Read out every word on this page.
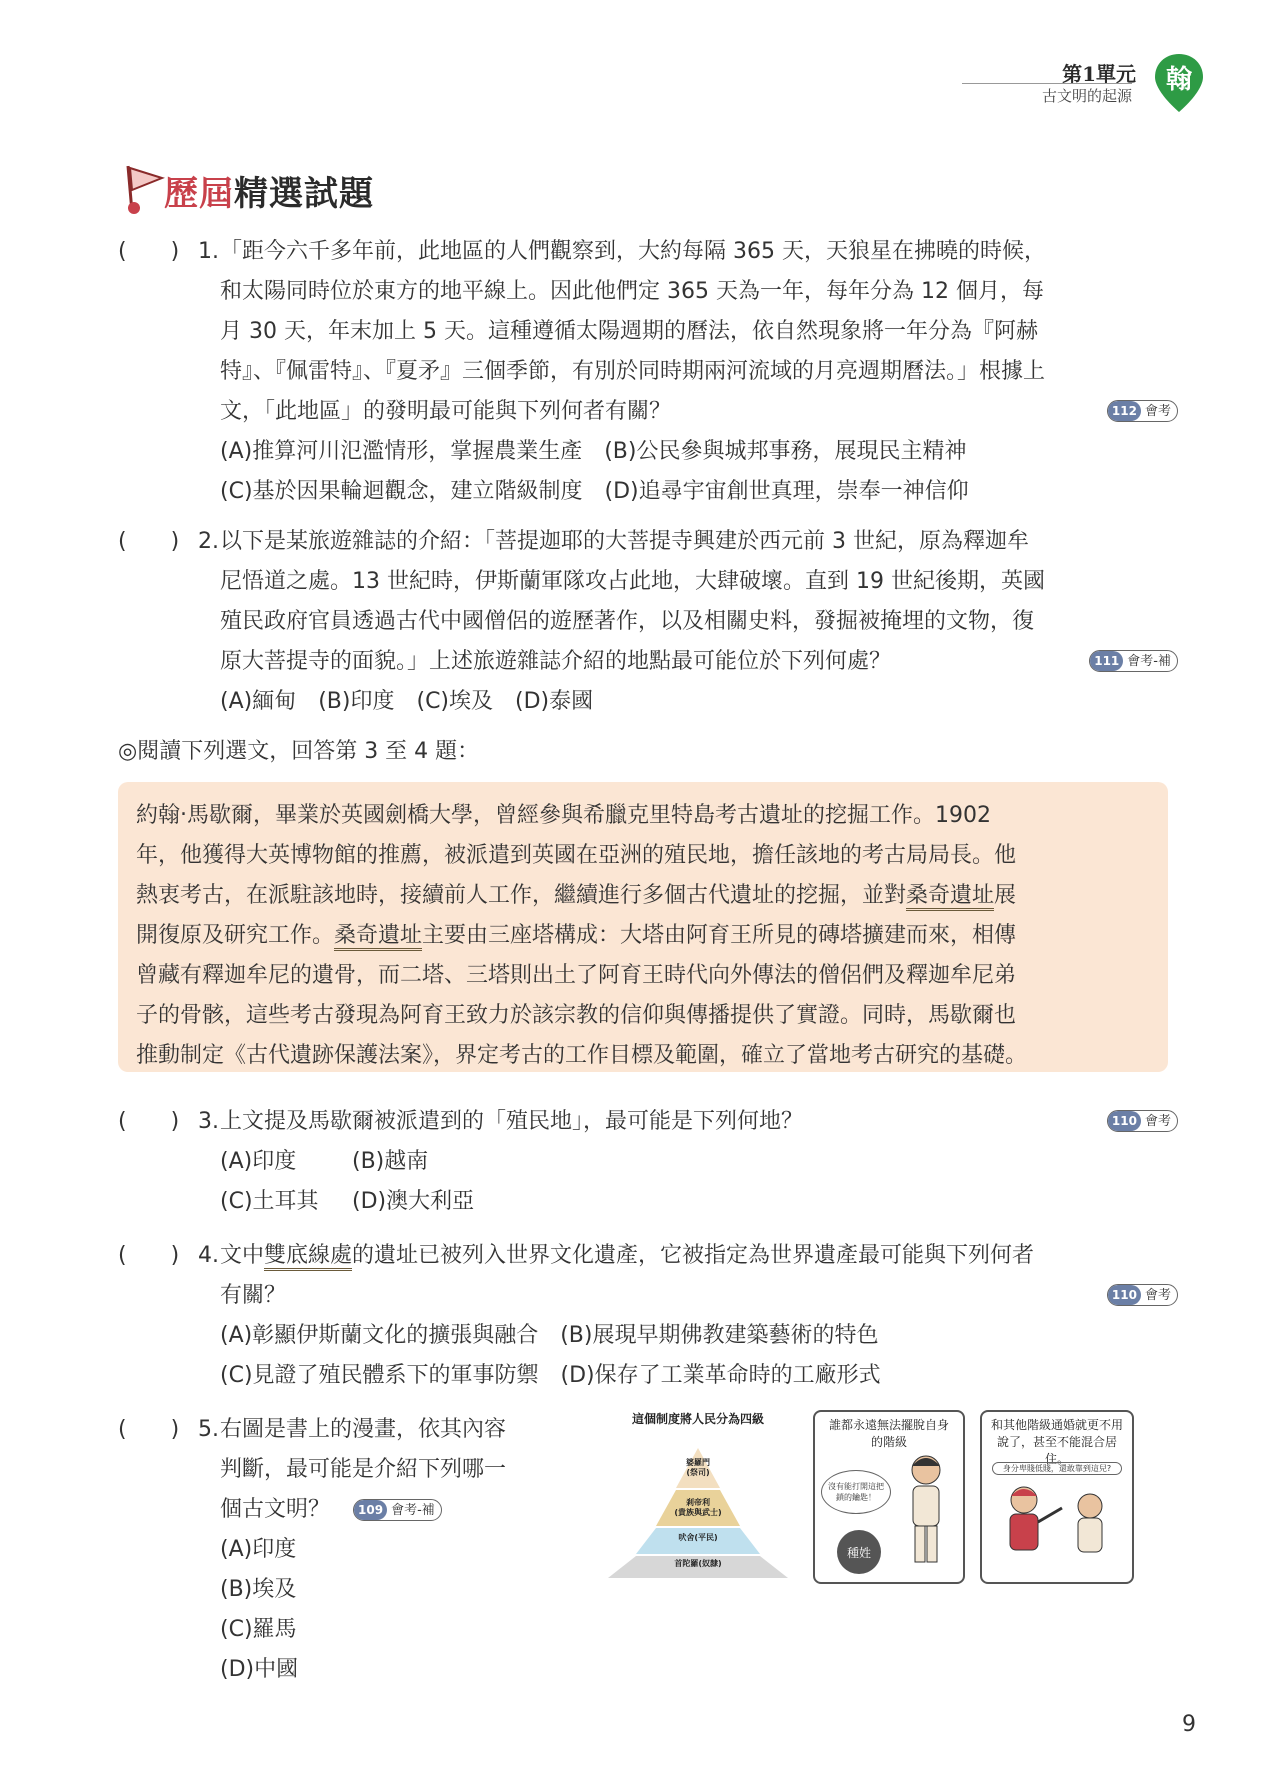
第1單元
古文明的起源
翰
歷屆精選試題
(　　) 1. 「距今六千多年前，此地區的人們觀察到，大約每隔 365 天，天狼星在拂曉的時候，
和太陽同時位於東方的地平線上。因此他們定 365 天為一年，每年分為 12 個月，每
月 30 天，年末加上 5 天。這種遵循太陽週期的曆法，依自然現象將一年分為『阿赫
特』、『佩雷特』、『夏矛』三個季節，有別於同時期兩河流域的月亮週期曆法。」根據上
文，「此地區」的發明最可能與下列何者有關？	112 會考
(A)推算河川氾濫情形，掌握農業生產 (B)公民參與城邦事務，展現民主精神
(C)基於因果輪迴觀念，建立階級制度 (D)追尋宇宙創世真理，崇奉一神信仰
(　　) 2. 以下是某旅遊雜誌的介紹：「菩提迦耶的大菩提寺興建於西元前 3 世紀，原為釋迦牟
尼悟道之處。13 世紀時，伊斯蘭軍隊攻占此地，大肆破壞。直到 19 世紀後期，英國
殖民政府官員透過古代中國僧侶的遊歷著作，以及相關史料，發掘被掩埋的文物，復
原大菩提寺的面貌。」上述旅遊雜誌介紹的地點最可能位於下列何處？	111 會考-補
(A)緬甸 (B)印度 (C)埃及 (D)泰國
◎閱讀下列選文，回答第 3 至 4 題：
約翰‧馬歇爾，畢業於英國劍橋大學，曾經參與希臘克里特島考古遺址的挖掘工作。1902
年，他獲得大英博物館的推薦，被派遣到英國在亞洲的殖民地，擔任該地的考古局局長。他
熱衷考古，在派駐該地時，接續前人工作，繼續進行多個古代遺址的挖掘，並對桑奇遺址展
開復原及研究工作。桑奇遺址主要由三座塔構成：大塔由阿育王所見的磚塔擴建而來，相傳
曾藏有釋迦牟尼的遺骨，而二塔、三塔則出土了阿育王時代向外傳法的僧侶們及釋迦牟尼弟
子的骨骸，這些考古發現為阿育王致力於該宗教的信仰與傳播提供了實證。同時，馬歇爾也
推動制定《古代遺跡保護法案》，界定考古的工作目標及範圍，確立了當地考古研究的基礎。
(　　) 3. 上文提及馬歇爾被派遣到的「殖民地」，最可能是下列何地？	110 會考
(A)印度	(B)越南
(C)土耳其	(D)澳大利亞
(　　) 4. 文中雙底線處的遺址已被列入世界文化遺產，它被指定為世界遺產最可能與下列何者
有關？	110 會考
(A)彰顯伊斯蘭文化的擴張與融合 (B)展現早期佛教建築藝術的特色
(C)見證了殖民體系下的軍事防禦 (D)保存了工業革命時的工廠形式
(　　) 5. 右圖是書上的漫畫，依其內容
判斷，最可能是介紹下列哪一
個古文明？ 109 會考-補
(A)印度
(B)埃及
(C)羅馬
(D)中國
這個制度將人民分為四級
婆羅門
(祭司)
剎帝利
(貴族與武士)
吠舍(平民)
首陀羅(奴隸)
誰都永遠無法擺脫自身的階級
沒有能打開這把鎖的鑰匙！
種姓
和其他階級通婚就更不用說了，甚至不能混合居住。
身分卑賤低賤，還敢靠到這兒?
9
